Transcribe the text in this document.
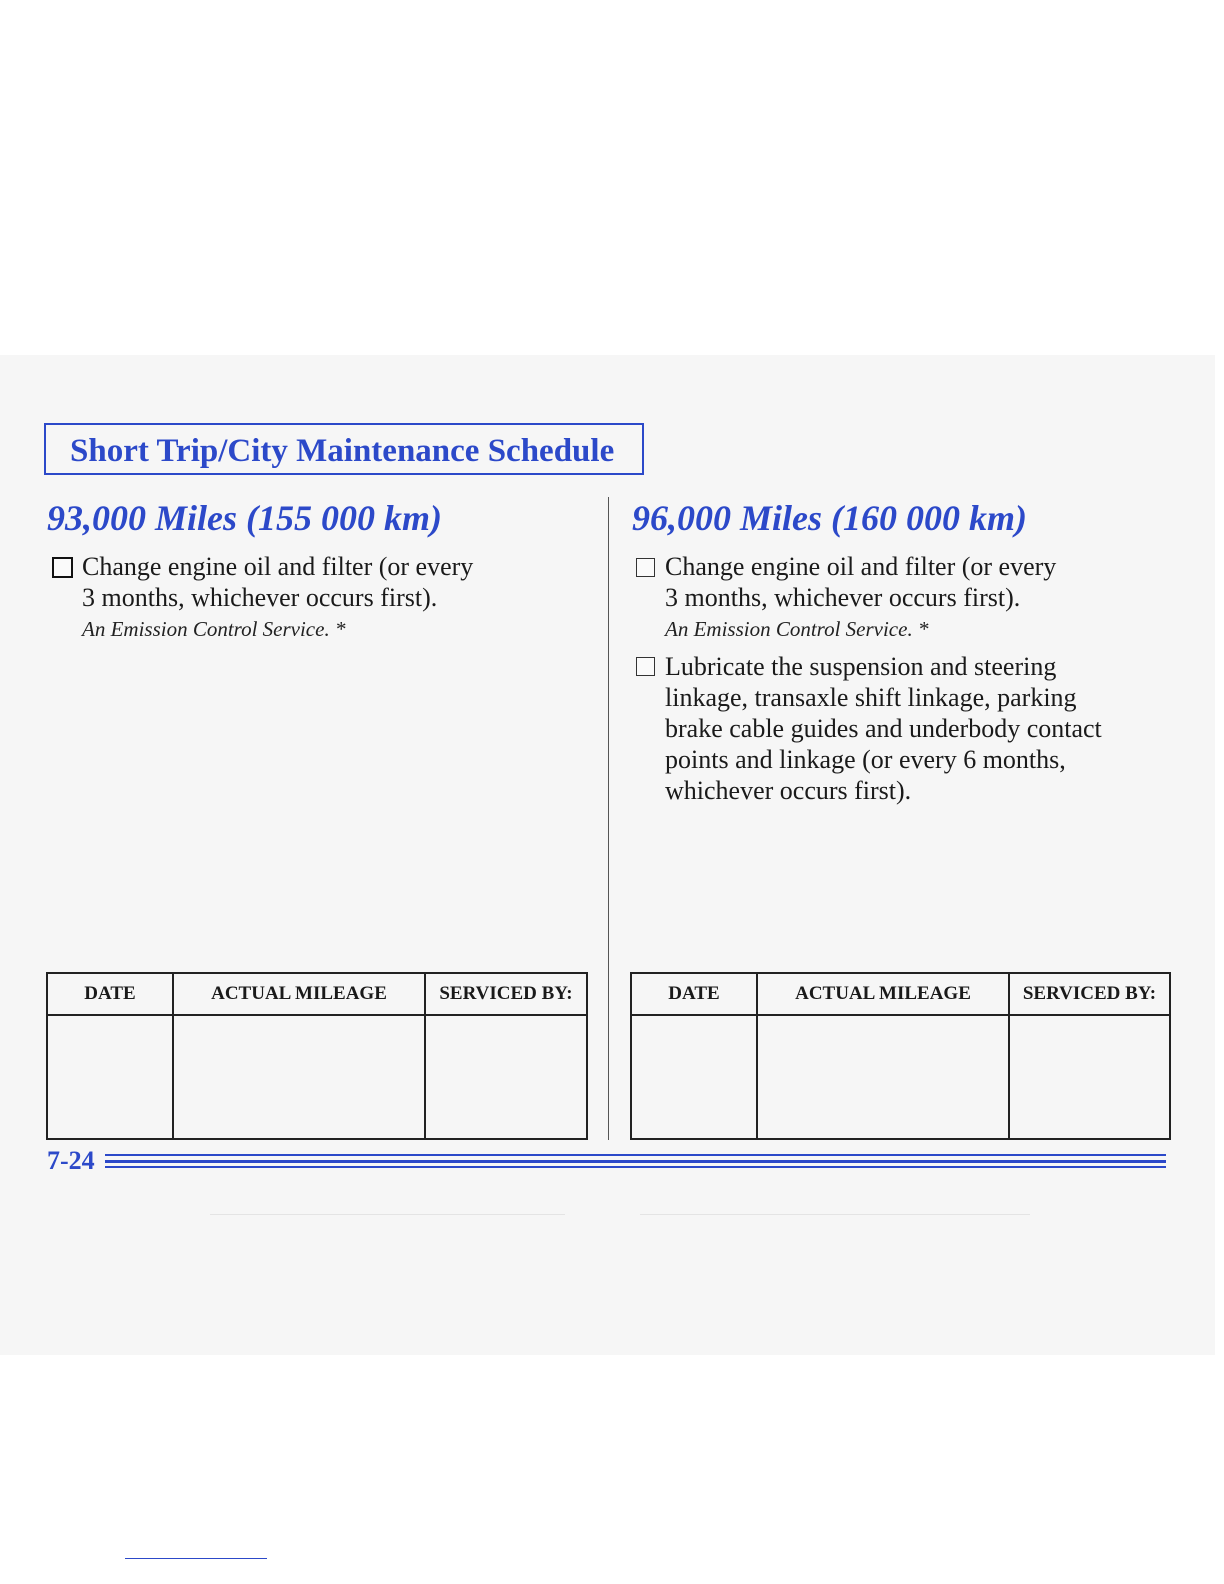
Short Trip/City Maintenance Schedule
93,000 Miles (155 000 km)
Change engine oil and filter (or every
3 months, whichever occurs first).
An Emission Control Service. *
96,000 Miles (160 000 km)
Change engine oil and filter (or every
3 months, whichever occurs first).
An Emission Control Service. *
Lubricate the suspension and steering
linkage, transaxle shift linkage, parking
brake cable guides and underbody contact
points and linkage (or every 6 months,
whichever occurs first).
DATE	ACTUAL MILEAGE	SERVICED BY:
			DATE	ACTUAL MILEAGE	SERVICED BY:

7-24
